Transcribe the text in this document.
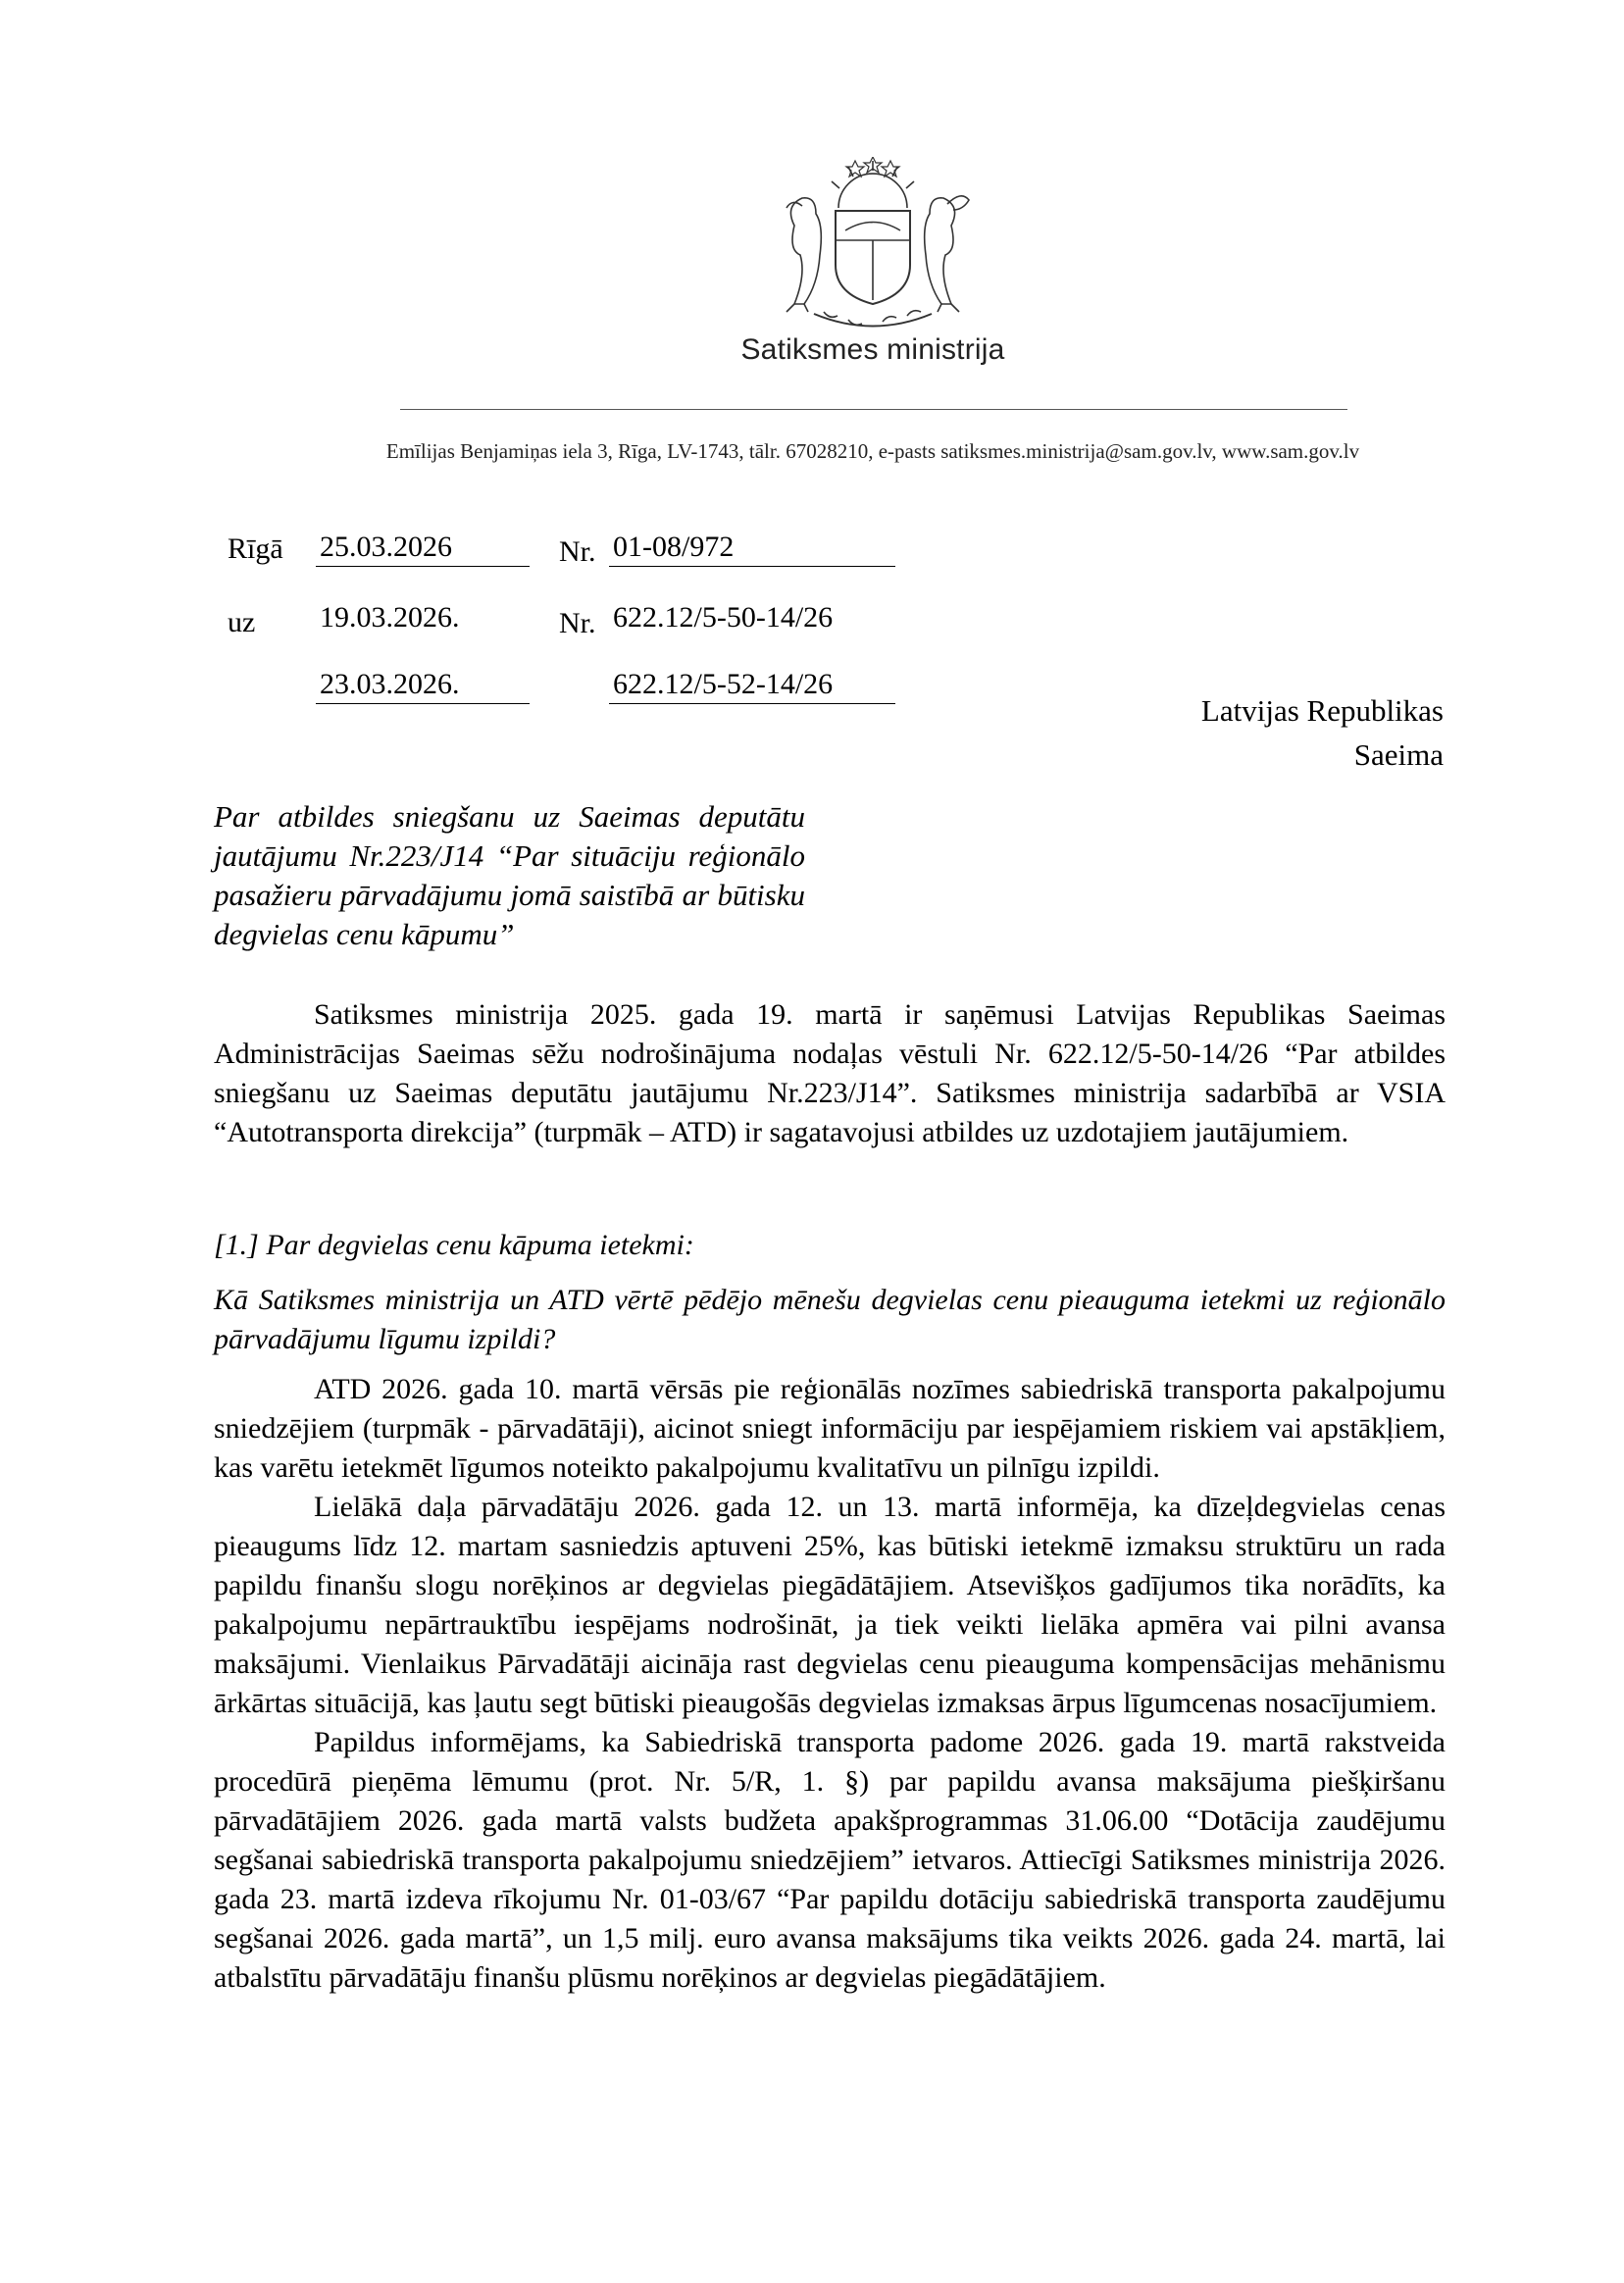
Satiksmes ministrija
Emīlijas Benjamiņas iela 3, Rīga, LV-1743, tālr. 67028210, e-pasts satiksmes.ministrija@sam.gov.lv, www.sam.gov.lv
Rīgā 25.03.2026	Nr. 01-08/972
uz 19.03.2026.	Nr. 622.12/5-50-14/26
23.03.2026.	622.12/5-52-14/26
Latvijas Republikas
Saeima
Par atbildes sniegšanu uz Saeimas deputātu jautājumu Nr.223/J14 “Par situāciju reģionālo pasažieru pārvadājumu jomā saistībā ar būtisku degvielas cenu kāpumu”

Satiksmes ministrija 2025. gada 19. martā ir saņēmusi Latvijas Republikas Saeimas Administrācijas Saeimas sēžu nodrošinājuma nodaļas vēstuli Nr. 622.12/5-50-14/26 “Par atbildes sniegšanu uz Saeimas deputātu jautājumu Nr.223/J14”. Satiksmes ministrija sadarbībā ar VSIA “Autotransporta direkcija” (turpmāk – ATD) ir sagatavojusi atbildes uz uzdotajiem jautājumiem.

[1.] Par degvielas cenu kāpuma ietekmi:

Kā Satiksmes ministrija un ATD vērtē pēdējo mēnešu degvielas cenu pieauguma ietekmi uz reģionālo pārvadājumu līgumu izpildi?

ATD 2026. gada 10. martā vērsās pie reģionālās nozīmes sabiedriskā transporta pakalpojumu sniedzējiem (turpmāk - pārvadātāji), aicinot sniegt informāciju par iespējamiem riskiem vai apstākļiem, kas varētu ietekmēt līgumos noteikto pakalpojumu kvalitatīvu un pilnīgu izpildi.

Lielākā daļa pārvadātāju 2026. gada 12. un 13. martā informēja, ka dīzeļdegvielas cenas pieaugums līdz 12. martam sasniedzis aptuveni 25%, kas būtiski ietekmē izmaksu struktūru un rada papildu finanšu slogu norēķinos ar degvielas piegādātājiem. Atsevišķos gadījumos tika norādīts, ka pakalpojumu nepārtrauktību iespējams nodrošināt, ja tiek veikti lielāka apmēra vai pilni avansa maksājumi. Vienlaikus Pārvadātāji aicināja rast degvielas cenu pieauguma kompensācijas mehānismu ārkārtas situācijā, kas ļautu segt būtiski pieaugošās degvielas izmaksas ārpus līgumcenas nosacījumiem.

Papildus informējams, ka Sabiedriskā transporta padome 2026. gada 19. martā rakstveida procedūrā pieņēma lēmumu (prot. Nr. 5/R, 1. §) par papildu avansa maksājuma piešķiršanu pārvadātājiem 2026. gada martā valsts budžeta apakšprogrammas 31.06.00 “Dotācija zaudējumu segšanai sabiedriskā transporta pakalpojumu sniedzējiem” ietvaros. Attiecīgi Satiksmes ministrija 2026. gada 23. martā izdeva rīkojumu Nr. 01-03/67 “Par papildu dotāciju sabiedriskā transporta zaudējumu segšanai 2026. gada martā”, un 1,5 milj. euro avansa maksājums tika veikts 2026. gada 24. martā, lai atbalstītu pārvadātāju finanšu plūsmu norēķinos ar degvielas piegādātājiem.
